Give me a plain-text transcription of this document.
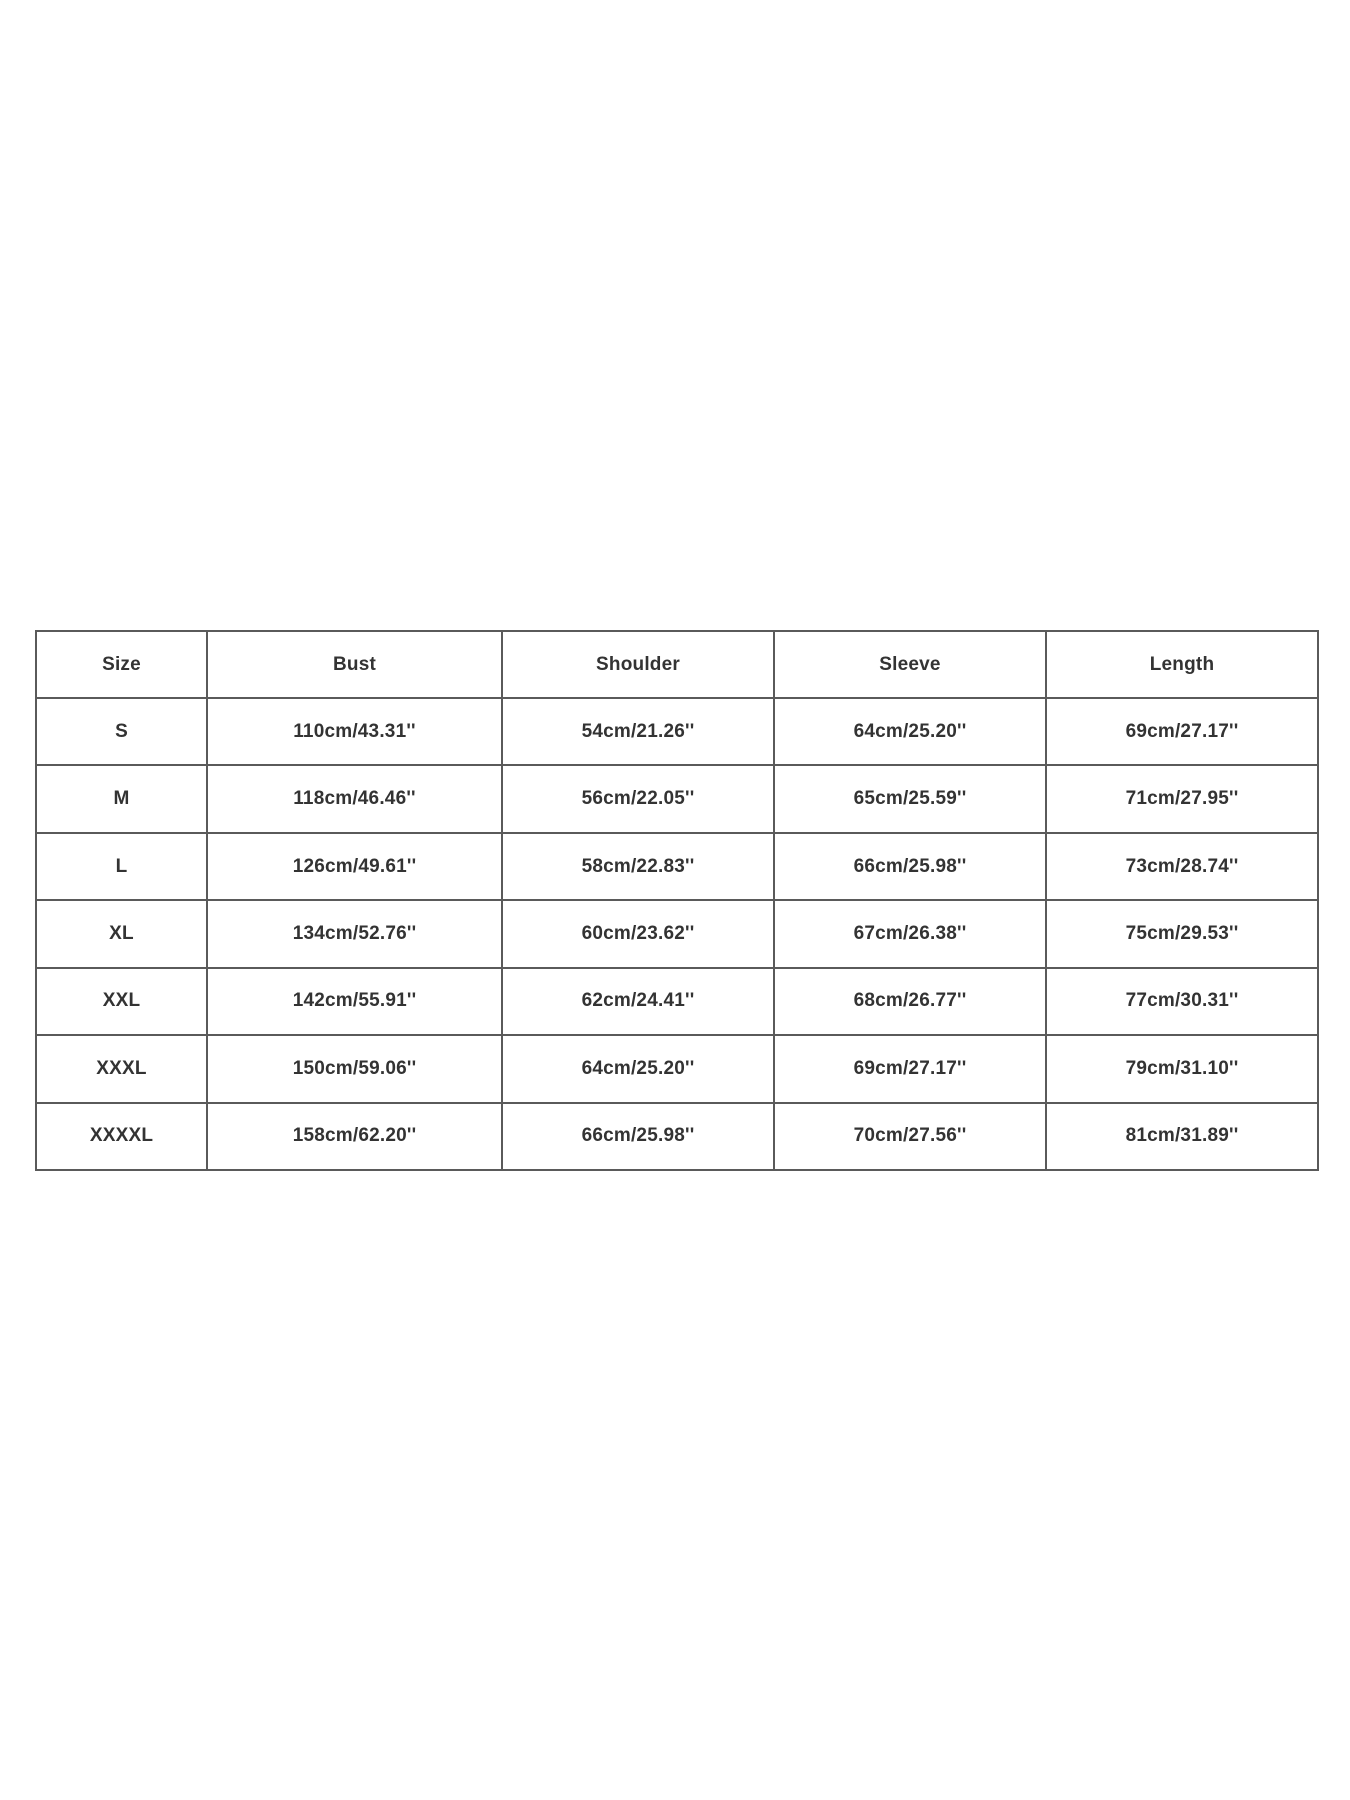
Size	Bust	Shoulder	Sleeve	Length
S	110cm/43.31''	54cm/21.26''	64cm/25.20''	69cm/27.17''
M	118cm/46.46''	56cm/22.05''	65cm/25.59''	71cm/27.95''
L	126cm/49.61''	58cm/22.83''	66cm/25.98''	73cm/28.74''
XL	134cm/52.76''	60cm/23.62''	67cm/26.38''	75cm/29.53''
XXL	142cm/55.91''	62cm/24.41''	68cm/26.77''	77cm/30.31''
XXXL	150cm/59.06''	64cm/25.20''	69cm/27.17''	79cm/31.10''
XXXXL	158cm/62.20''	66cm/25.98''	70cm/27.56''	81cm/31.89''
